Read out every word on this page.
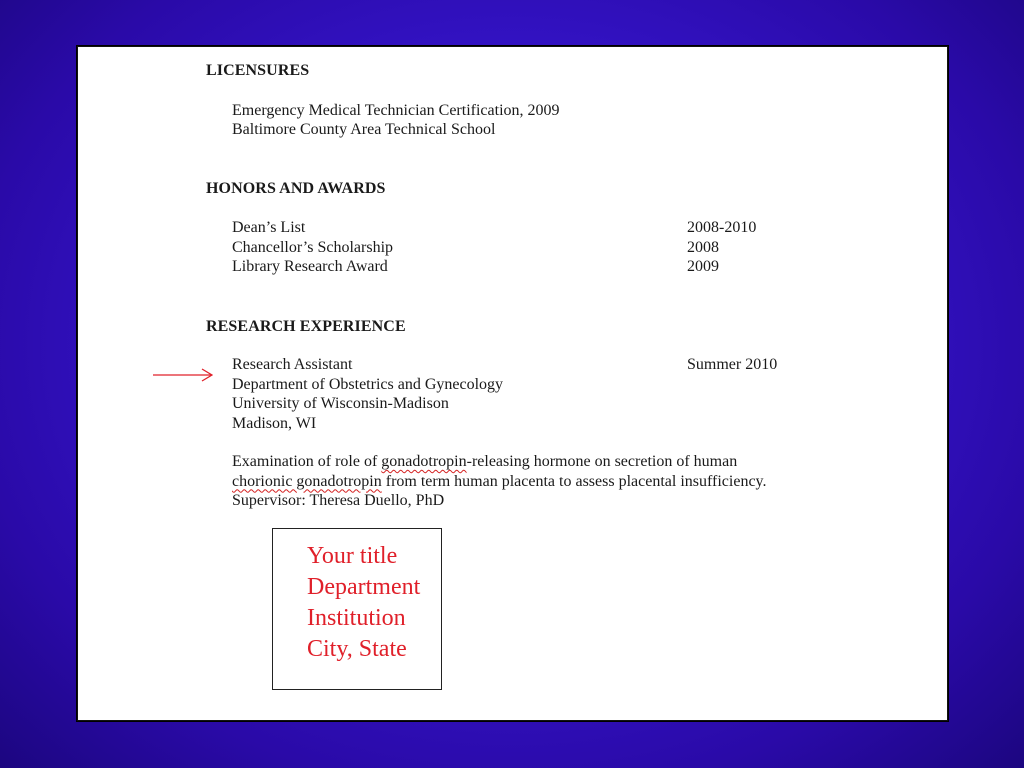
LICENSURES
Emergency Medical Technician Certification, 2009
Baltimore County Area Technical School
HONORS AND AWARDS
Dean’s List	2008-2010
Chancellor’s Scholarship	2008
Library Research Award	2009
RESEARCH EXPERIENCE
Research Assistant	Summer 2010
Department of Obstetrics and Gynecology
University of Wisconsin-Madison
Madison, WI
Examination of role of gonadotropin-releasing hormone on secretion of human
chorionic gonadotropin from term human placenta to assess placental insufficiency.
Supervisor: Theresa Duello, PhD
Your title
Department
Institution
City, State
